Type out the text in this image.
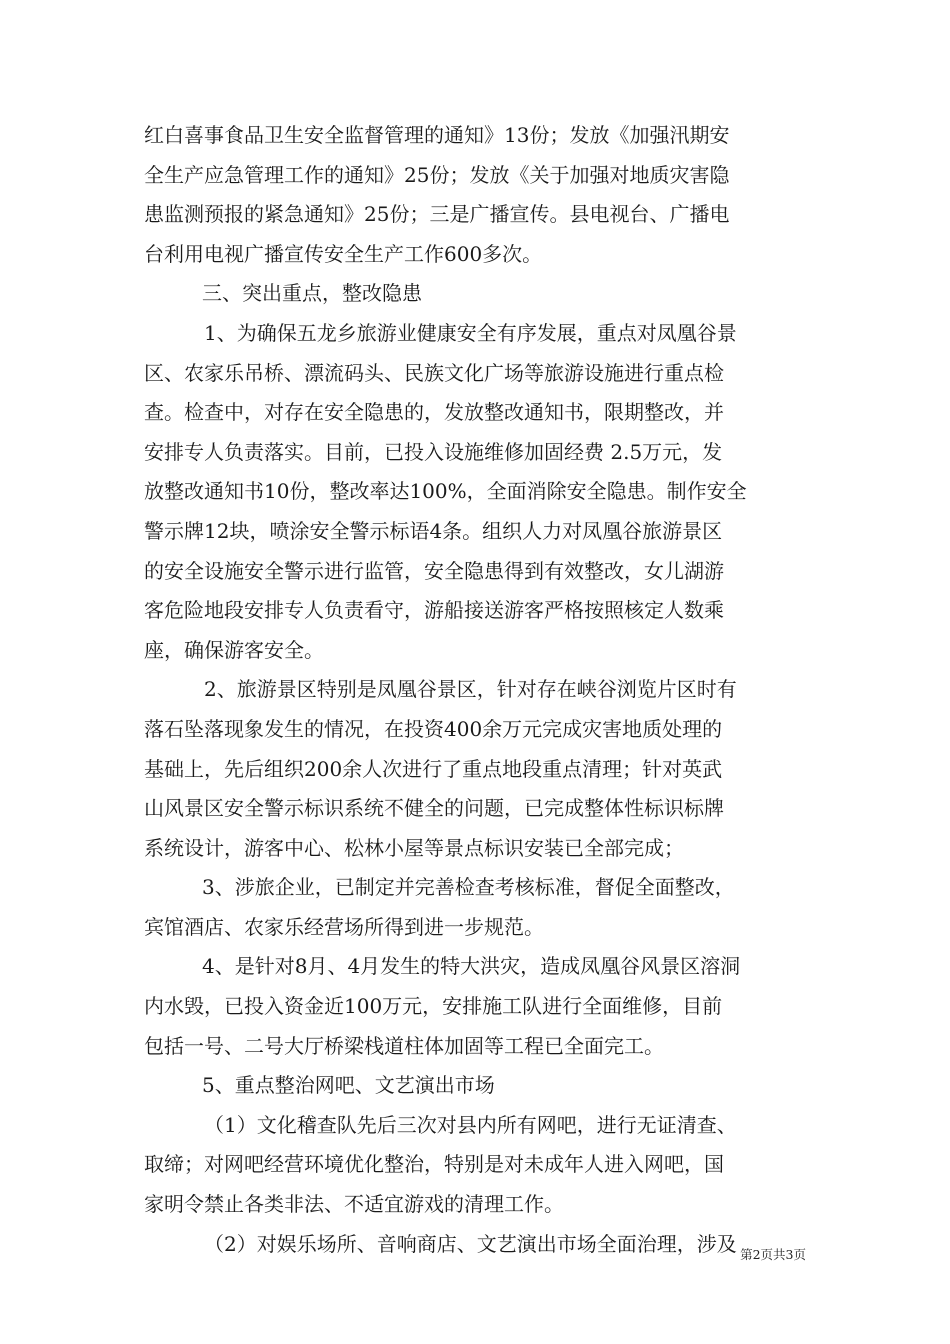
红白喜事食品卫生安全监督管理的通知》13份；发放《加强汛期安
全生产应急管理工作的通知》25份；发放《关于加强对地质灾害隐
患监测预报的紧急通知》25份；三是广播宣传。县电视台、广播电
台利用电视广播宣传安全生产工作600多次。
三、突出重点，整改隐患
1、为确保五龙乡旅游业健康安全有序发展，重点对凤凰谷景
区、农家乐吊桥、漂流码头、民族文化广场等旅游设施进行重点检
查。检查中，对存在安全隐患的，发放整改通知书，限期整改，并
安排专人负责落实。目前，已投入设施维修加固经费 2.5万元，发
放整改通知书10份，整改率达100%，全面消除安全隐患。制作安全
警示牌12块，喷涂安全警示标语4条。组织人力对凤凰谷旅游景区
的安全设施安全警示进行监管，安全隐患得到有效整改，女儿湖游
客危险地段安排专人负责看守，游船接送游客严格按照核定人数乘
座，确保游客安全。
2、旅游景区特别是凤凰谷景区，针对存在峡谷浏览片区时有
落石坠落现象发生的情况，在投资400余万元完成灾害地质处理的
基础上，先后组织200余人次进行了重点地段重点清理；针对英武
山风景区安全警示标识系统不健全的问题，已完成整体性标识标牌
系统设计，游客中心、松林小屋等景点标识安装已全部完成；
3、涉旅企业，已制定并完善检查考核标准，督促全面整改，
宾馆酒店、农家乐经营场所得到进一步规范。
4、是针对8月、4月发生的特大洪灾，造成凤凰谷风景区溶洞
内水毁，已投入资金近100万元，安排施工队进行全面维修，目前
包括一号、二号大厅桥梁栈道柱体加固等工程已全面完工。
5、重点整治网吧、文艺演出市场
（1）文化稽查队先后三次对县内所有网吧，进行无证清查、
取缔；对网吧经营环境优化整治，特别是对未成年人进入网吧，国
家明令禁止各类非法、不适宜游戏的清理工作。
（2）对娱乐场所、音响商店、文艺演出市场全面治理，涉及 第2页共3页
